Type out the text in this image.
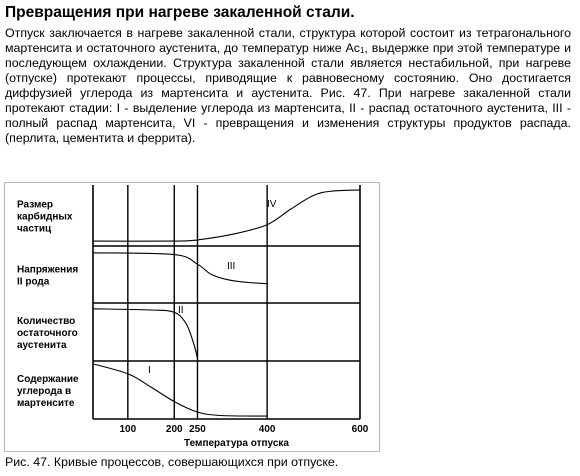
Превращения при нагреве закаленной стали.
Отпуск заключается в нагреве закаленной стали, структура которой состоит из тетрагонального мартенсита и остаточного аустенита, до температур ниже $Ас_1$, выдержке при этой температуре и последующем охлаждении. Структура закаленной стали является нестабильной, при нагреве (отпуске) протекают процессы, приводящие к равновесному состоянию. Оно достигается диффузией углерода из мартенсита и аустенита. Рис. 47. При нагреве закаленной стали протекают стадии: I - выделение углерода из мартенсита, II - распад остаточного аустенита, III - полный распад мартенсита, VI - превращения и изменения структуры продуктов распада. (перлита, цементита и феррита).
100	200 250	400	600
Температура отпуска
Размер
карбидных
частиц
Напряжения
II рода
Количество
остаточного
аустенита
Содержание
углерода в
мартенсите
IV
III
II
I
Рис. 47. Кривые процессов, совершающихся при отпуске.
